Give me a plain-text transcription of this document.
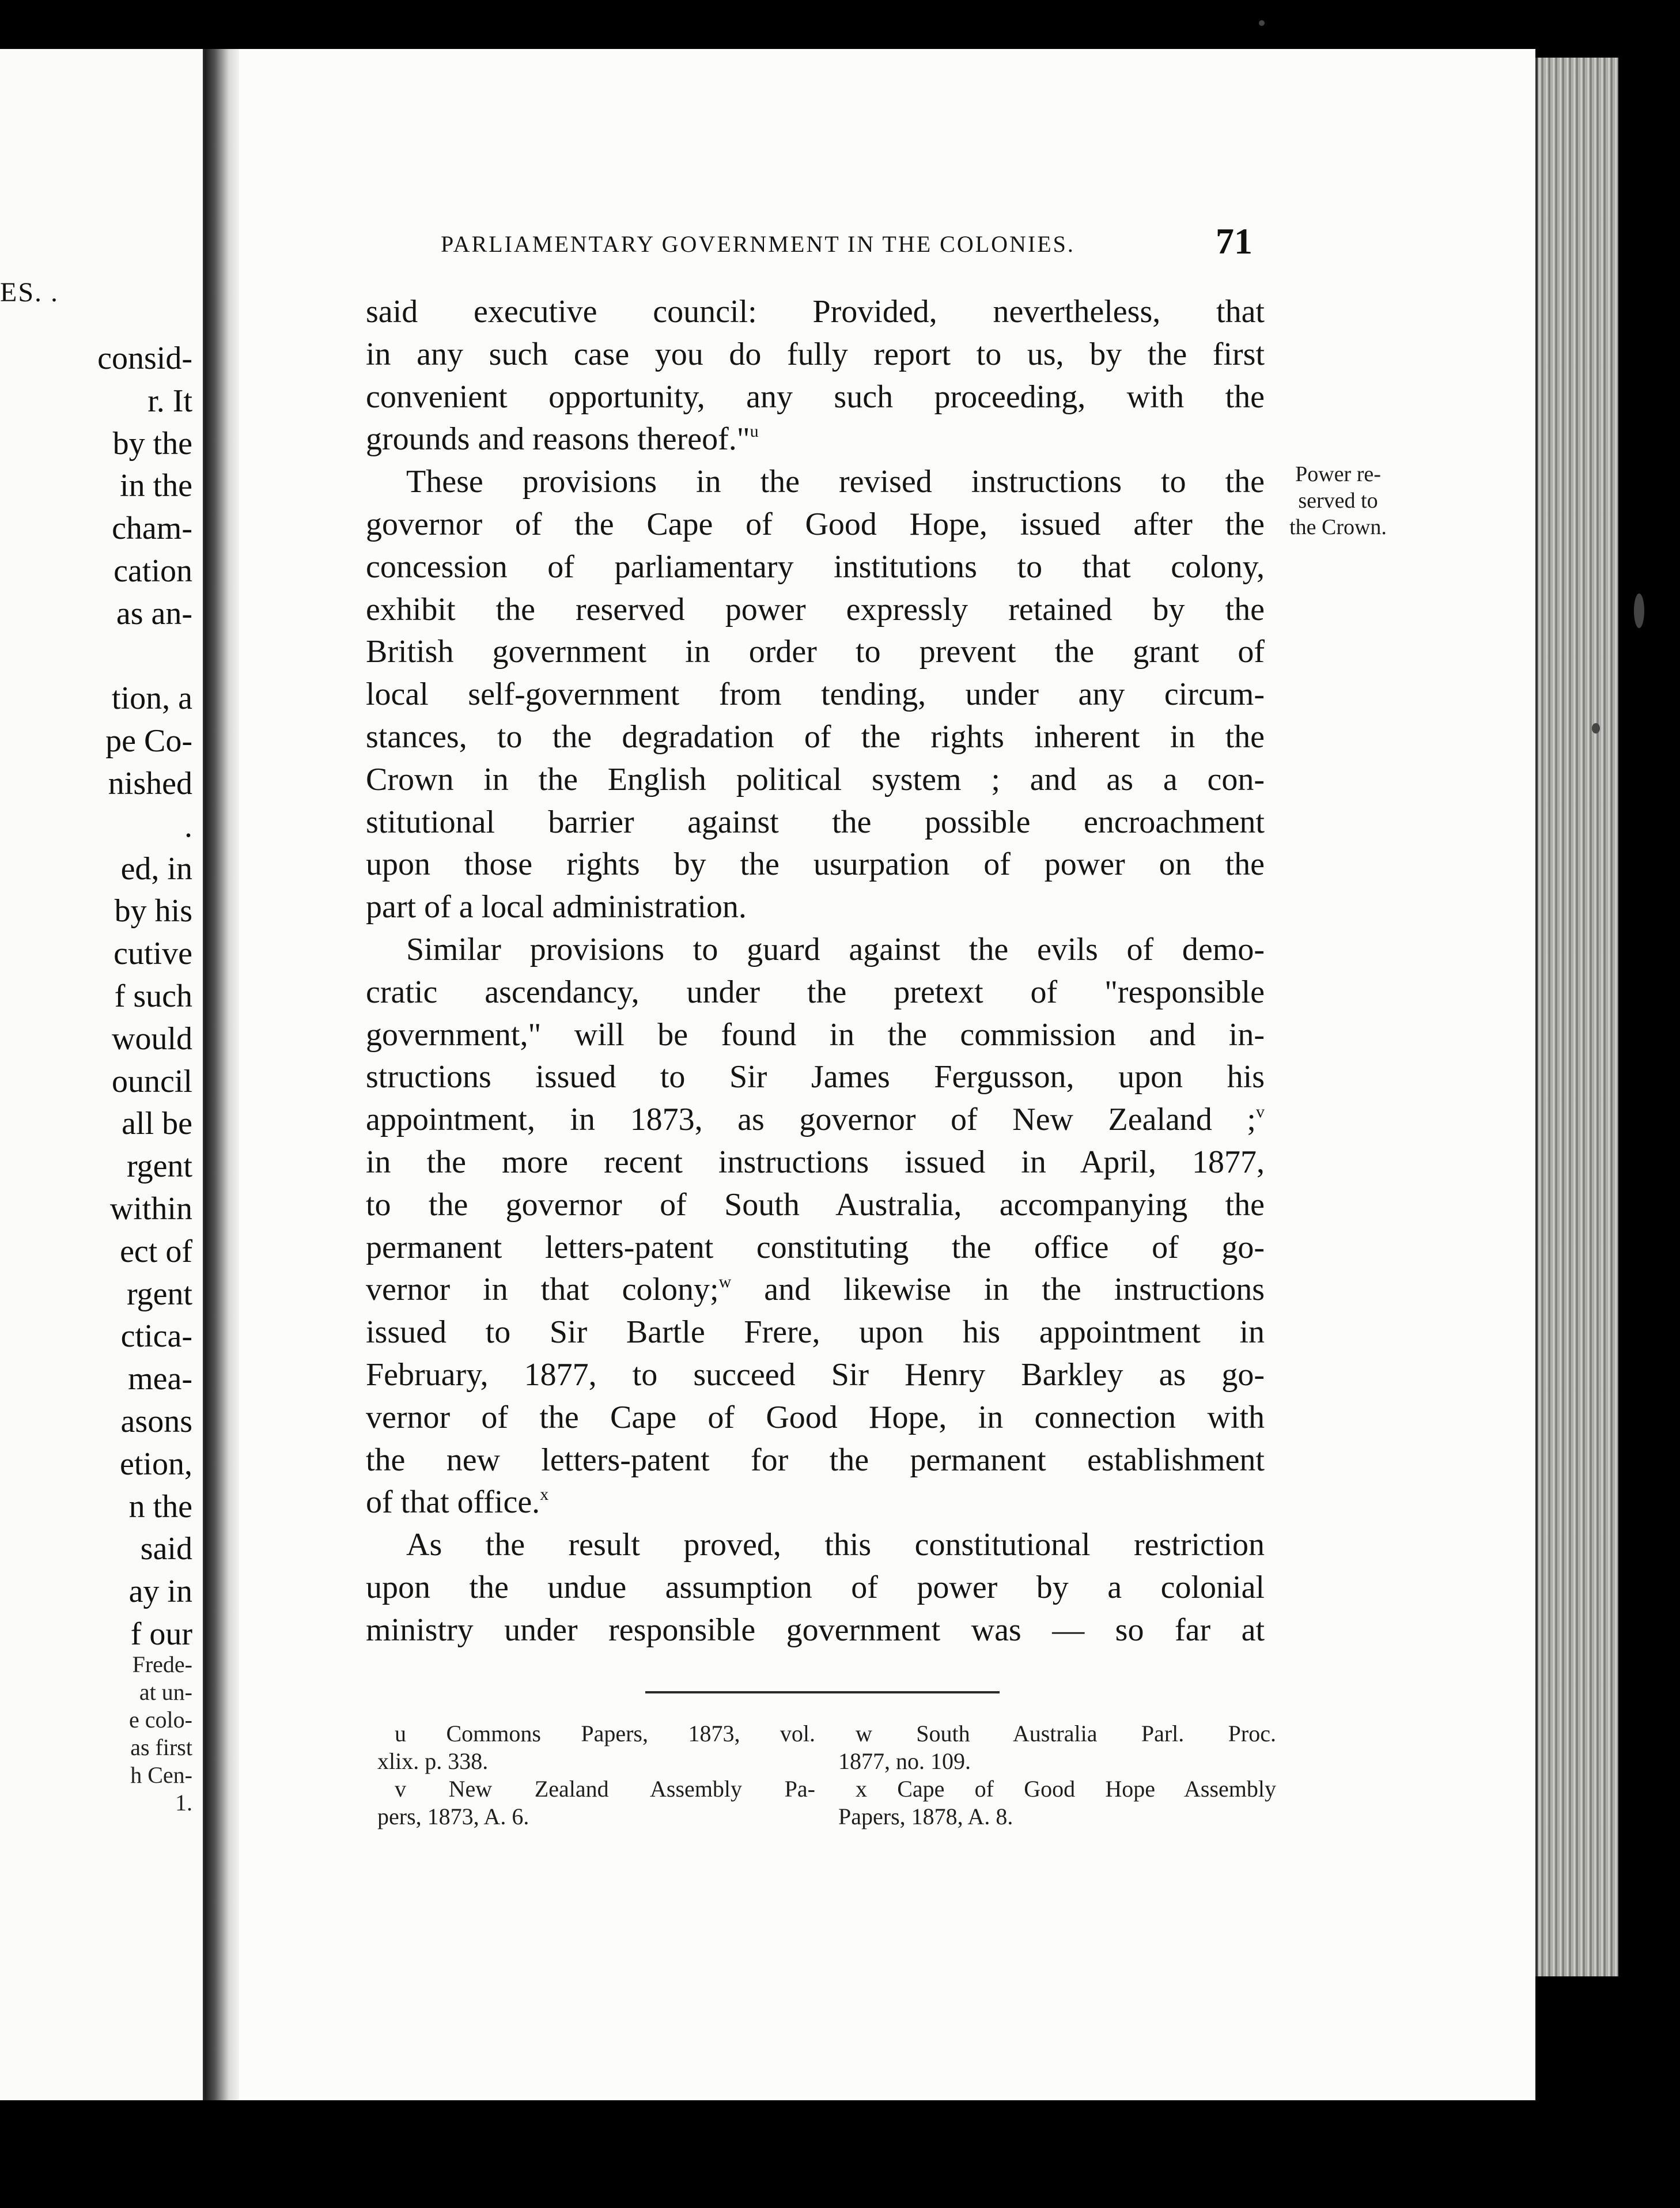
ES. .
consid-
r. It
by the
in the
cham-
cation
as an-
tion, a
pe Co-
nished
.
ed, in
by his
cutive
f such
would
ouncil
all be
rgent
within
ect of
rgent
ctica-
mea-
asons
etion,
n the
said
ay in
f our
Frede-
at un-
e colo-
as first
h Cen-
1.
PARLIAMENTARY GOVERNMENT IN THE COLONIES.	71
Power re-
served to
the Crown.
said executive council: Provided, nevertheless, that
in any such case you do fully report to us, by the first
convenient opportunity, any such proceeding, with the
grounds and reasons thereof."$^u$
These provisions in the revised instructions to the
governor of the Cape of Good Hope, issued after the
concession of parliamentary institutions to that colony,
exhibit the reserved power expressly retained by the
British government in order to prevent the grant of
local self-government from tending, under any circum-
stances, to the degradation of the rights inherent in the
Crown in the English political system ; and as a con-
stitutional barrier against the possible encroachment
upon those rights by the usurpation of power on the
part of a local administration.
Similar provisions to guard against the evils of demo-
cratic ascendancy, under the pretext of "responsible
government," will be found in the commission and in-
structions issued to Sir James Fergusson, upon his
appointment, in 1873, as governor of New Zealand ;$^v$
in the more recent instructions issued in April, 1877,
to the governor of South Australia, accompanying the
permanent letters-patent constituting the office of go-
vernor in that colony;$^w$ and likewise in the instructions
issued to Sir Bartle Frere, upon his appointment in
February, 1877, to succeed Sir Henry Barkley as go-
vernor of the Cape of Good Hope, in connection with
the new letters-patent for the permanent establishment
of that office.$^x$
As the result proved, this constitutional restriction
upon the undue assumption of power by a colonial
ministry under responsible government was — so far at
u Commons Papers, 1873, vol.
xlix. p. 338.
v New Zealand Assembly Pa-
pers, 1873, A. 6.
w South Australia Parl. Proc.
1877, no. 109.
x Cape of Good Hope Assembly
Papers, 1878, A. 8.
